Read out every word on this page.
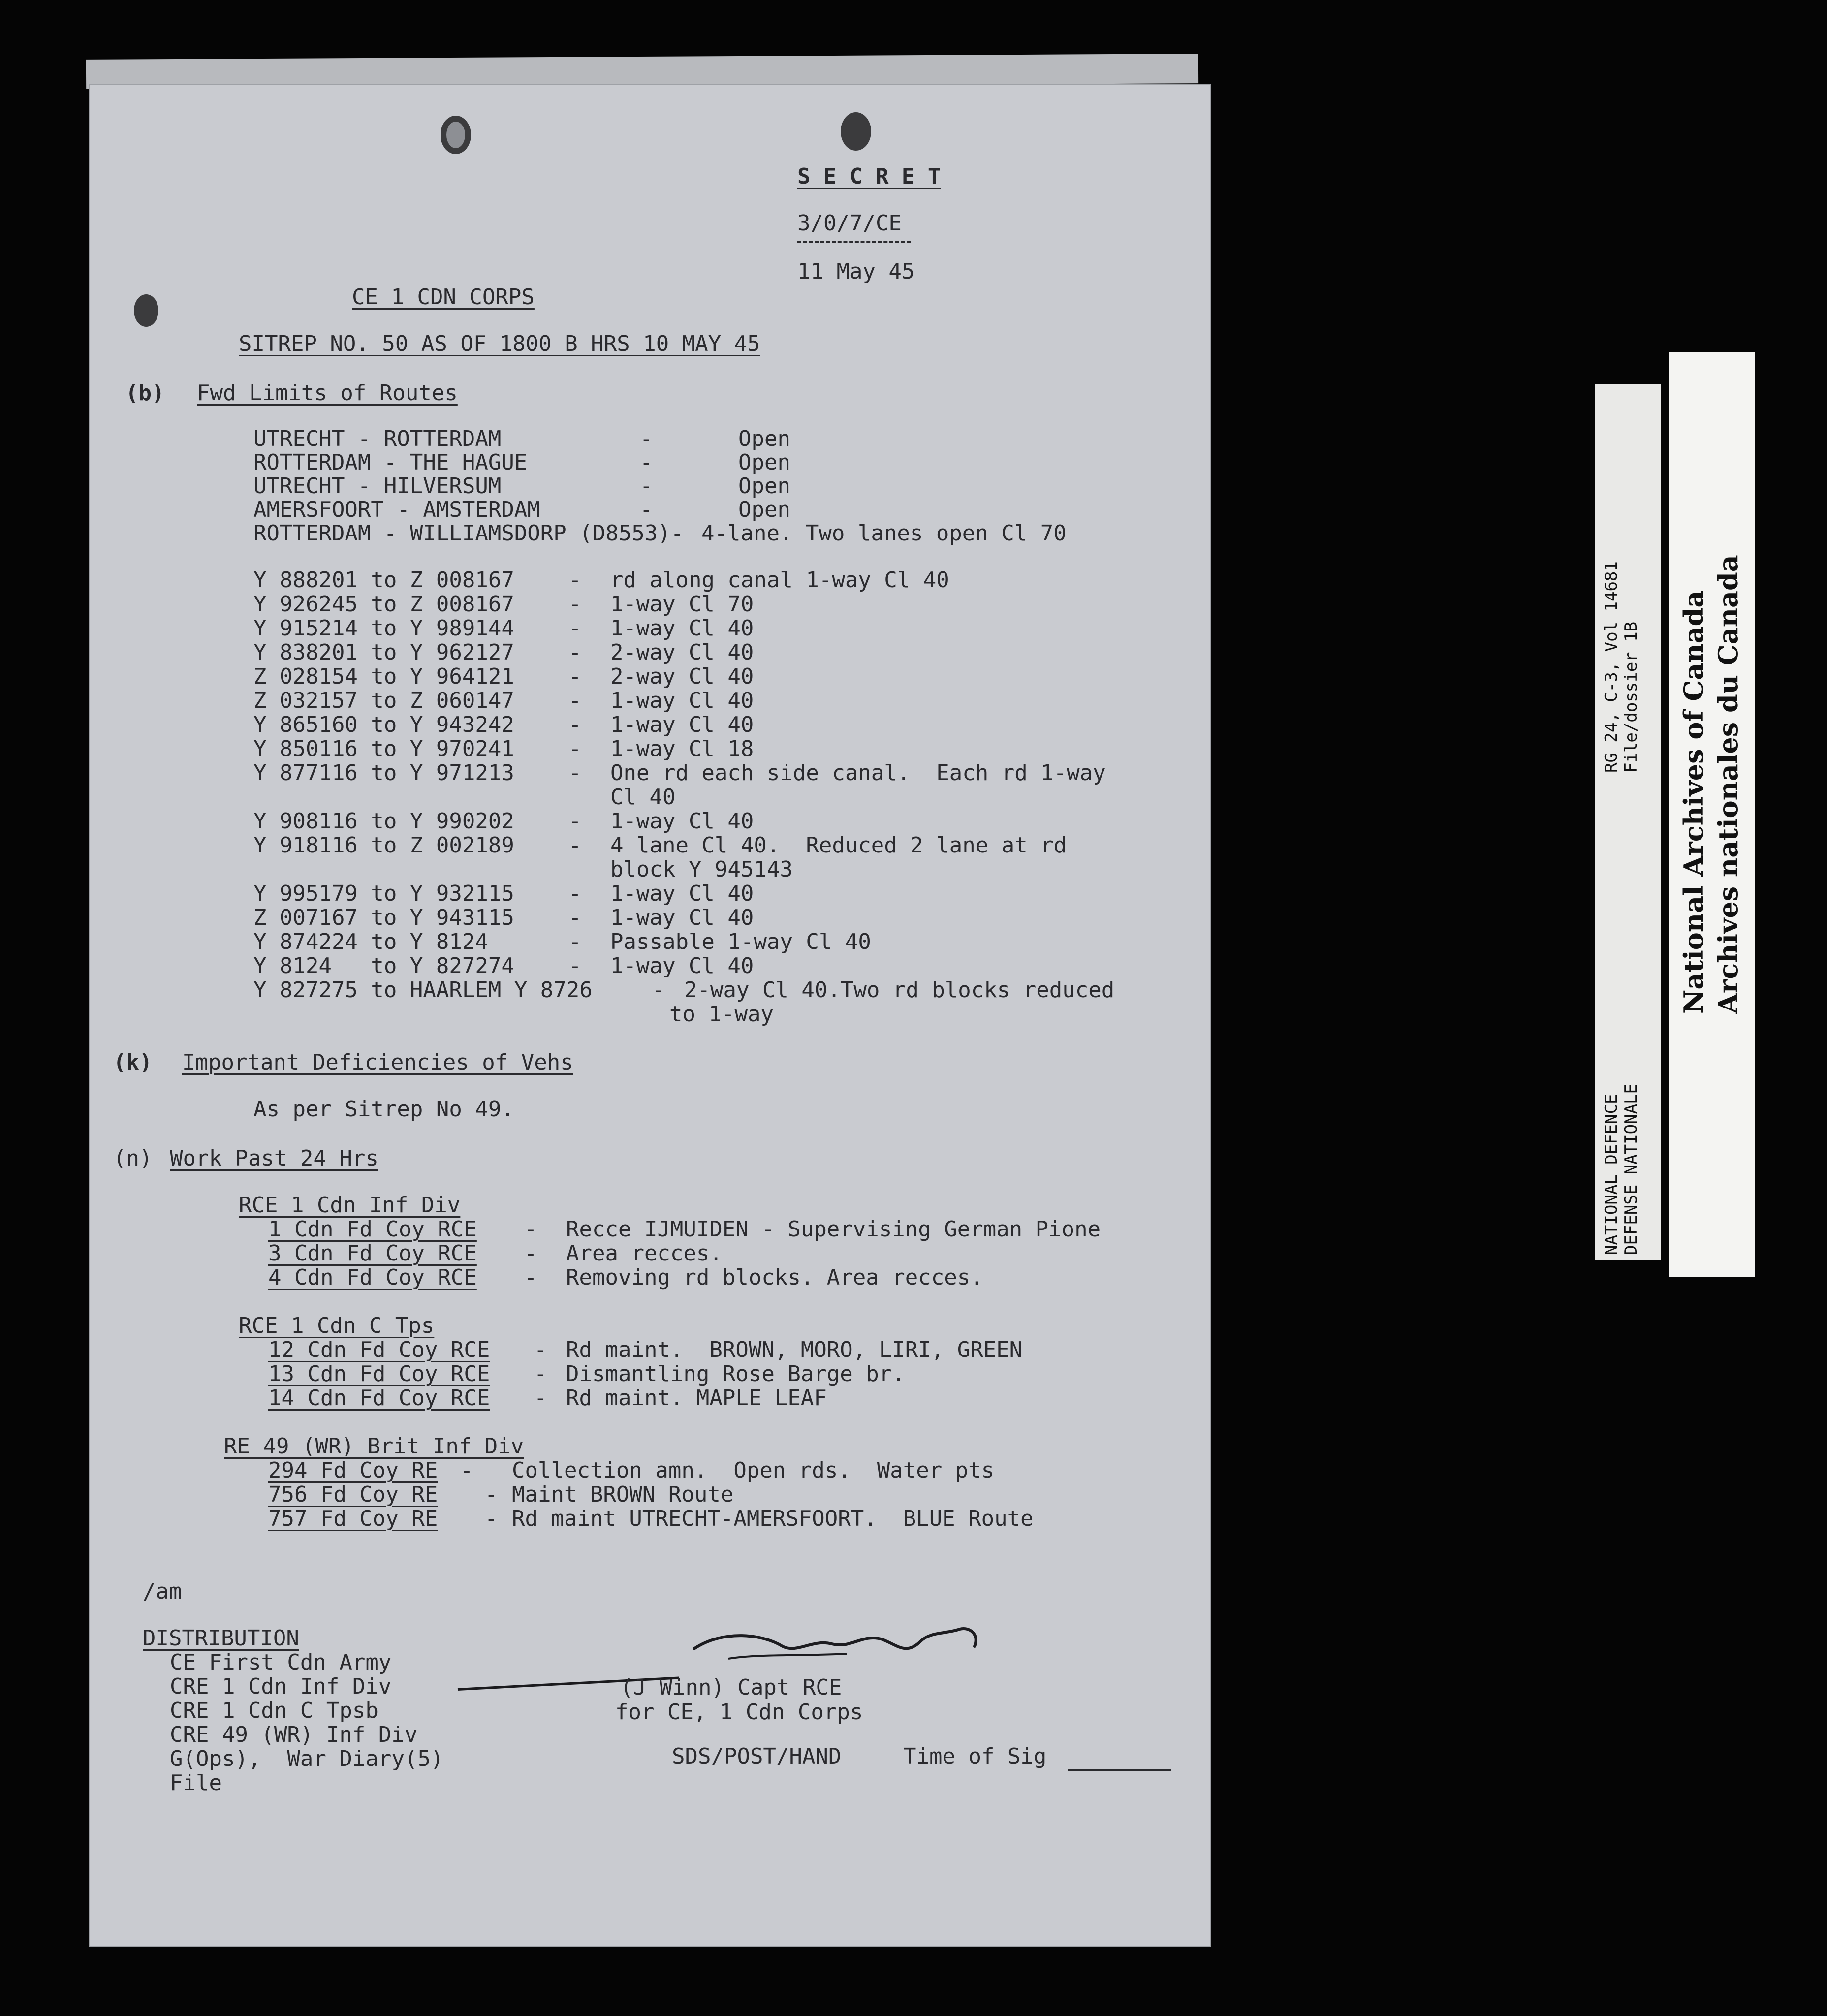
S E C R E T
3/0/7/CE
11 May 45
CE 1 CDN CORPS
SITREP NO. 50 AS OF 1800 B HRS 10 MAY 45
(b) Fwd Limits of Routes
UTRECHT - ROTTERDAM	-	Open
ROTTERDAM - THE HAGUE	-	Open
UTRECHT - HILVERSUM	-	Open
AMERSFOORT - AMSTERDAM	-	Open
ROTTERDAM - WILLIAMSDORP (D8553)- 4-lane. Two lanes open Cl 70
Y 888201 to Z 008167	- rd along canal 1-way Cl 40
Y 926245 to Z 008167	- 1-way Cl 70
Y 915214 to Y 989144	- 1-way Cl 40
Y 838201 to Y 962127	- 2-way Cl 40
Z 028154 to Y 964121	- 2-way Cl 40
Z 032157 to Z 060147	- 1-way Cl 40
Y 865160 to Y 943242	- 1-way Cl 40
Y 850116 to Y 970241	- 1-way Cl 18
Y 877116 to Y 971213	- One rd each side canal.  Each rd 1-way
Cl 40
Y 908116 to Y 990202	- 1-way Cl 40
Y 918116 to Z 002189	- 4 lane Cl 40.  Reduced 2 lane at rd
block Y 945143
Y 995179 to Y 932115	- 1-way Cl 40
Z 007167 to Y 943115	- 1-way Cl 40
Y 874224 to Y 8124	- Passable 1-way Cl 40
Y 8124   to Y 827274	- 1-way Cl 40
Y 827275 to HAARLEM Y 8726	- 2-way Cl 40.Two rd blocks reduced
to 1-way
(k) Important Deficiencies of Vehs
As per Sitrep No 49.
(n) Work Past 24 Hrs
RCE 1 Cdn Inf Div
1 Cdn Fd Coy RCE - Recce IJMUIDEN - Supervising German Pione
3 Cdn Fd Coy RCE - Area recces.
4 Cdn Fd Coy RCE - Removing rd blocks. Area recces.
RCE 1 Cdn C Tps
12 Cdn Fd Coy RCE - Rd maint.  BROWN, MORO, LIRI, GREEN
13 Cdn Fd Coy RCE - Dismantling Rose Barge br.
14 Cdn Fd Coy RCE - Rd maint. MAPLE LEAF
RE 49 (WR) Brit Inf Div
294 Fd Coy RE - Collection amn.  Open rds.  Water pts
756 Fd Coy RE - Maint BROWN Route
757 Fd Coy RE - Rd maint UTRECHT-AMERSFOORT.  BLUE Route
/am
DISTRIBUTION
CE First Cdn Army
CRE 1 Cdn Inf Div
CRE 1 Cdn C Tpsb
CRE 49 (WR) Inf Div
G(Ops),  War Diary(5)
File
(J Winn) Capt RCE
for CE, 1 Cdn Corps
SDS/POST/HAND	Time of Sig
RG 24, C-3, Vol 14681 File/dossier 1B
NATIONAL DEFENCE DEFENSE NATIONALE
National Archives of Canada Archives nationales du Canada
